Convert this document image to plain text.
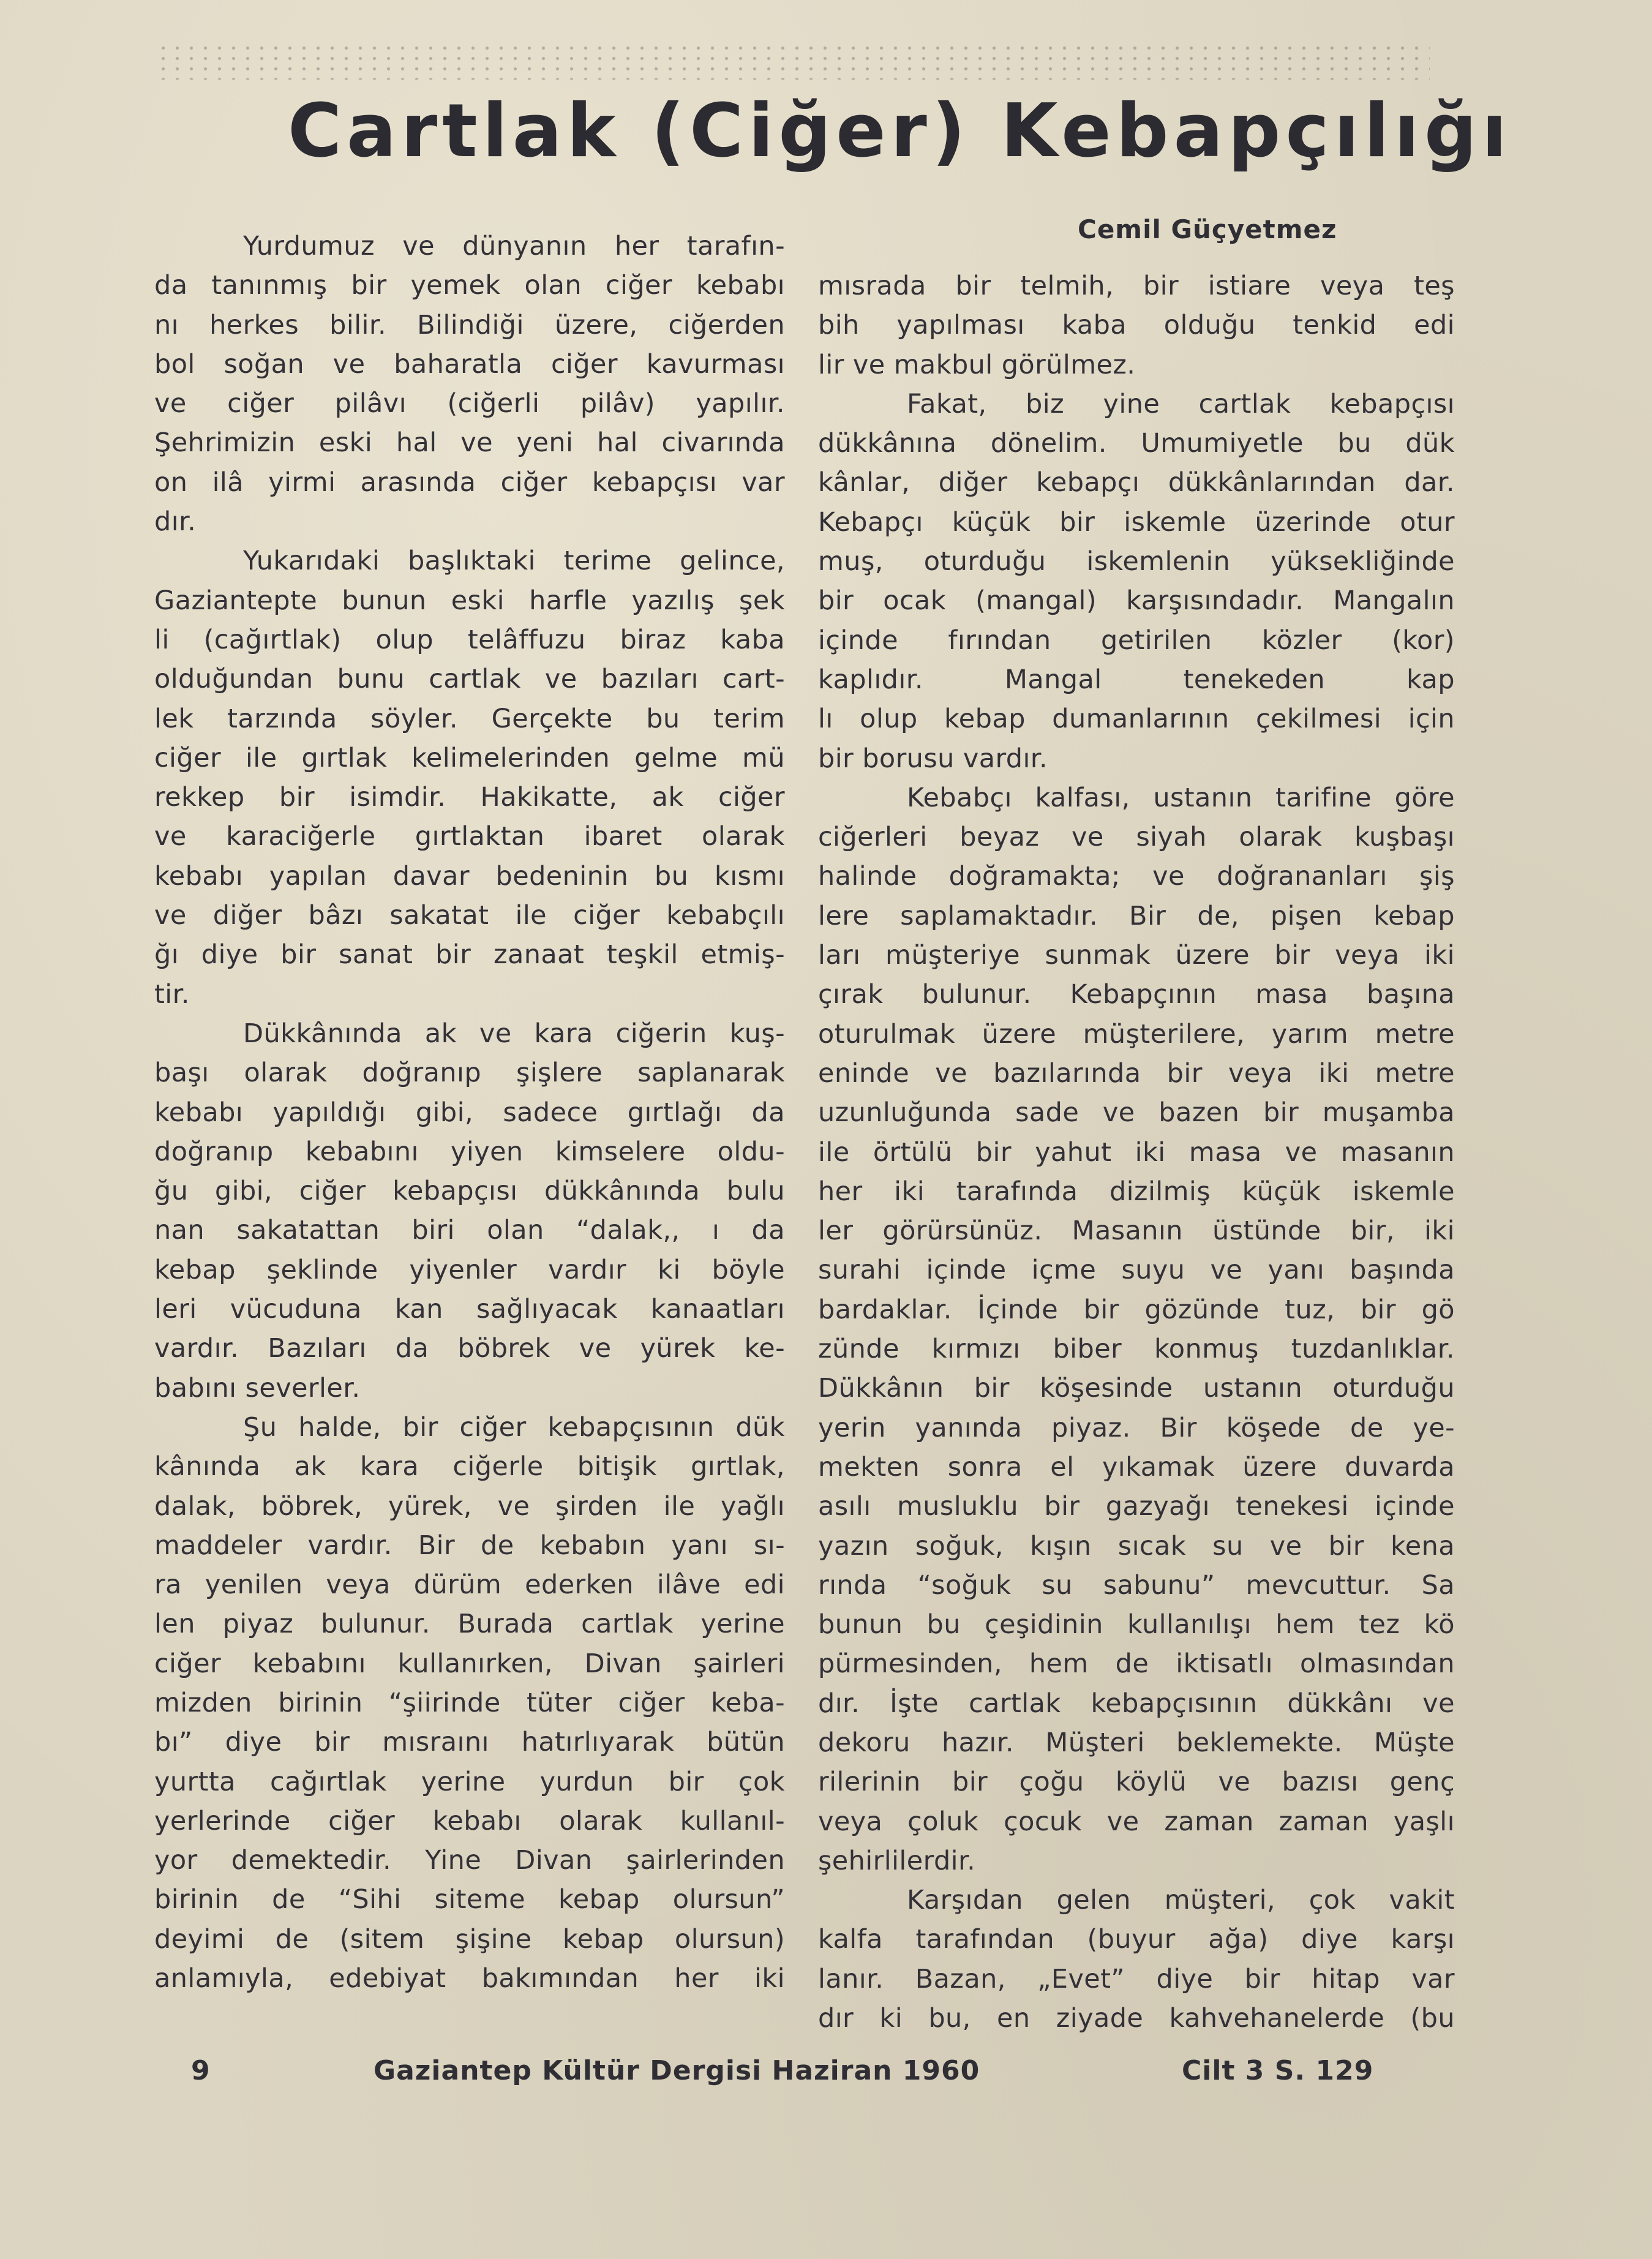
Cartlak (Ciğer) Kebapçılığı
Cemil Güçyetmez
Yurdumuz ve dünyanın her tarafın-
da tanınmış bir yemek olan ciğer kebabı
nı herkes bilir. Bilindiği üzere, ciğerden
bol soğan ve baharatla ciğer kavurması
ve ciğer pilâvı (ciğerli pilâv) yapılır.
Şehrimizin eski hal ve yeni hal civarında
on ilâ yirmi arasında ciğer kebapçısı var
dır.
Yukarıdaki başlıktaki terime gelince,
Gaziantepte bunun eski harfle yazılış şek
li (cağırtlak) olup telâffuzu biraz kaba
olduğundan bunu cartlak ve bazıları cart-
lek tarzında söyler. Gerçekte bu terim
ciğer ile gırtlak kelimelerinden gelme mü
rekkep bir isimdir. Hakikatte, ak ciğer
ve karaciğerle gırtlaktan ibaret olarak
kebabı yapılan davar bedeninin bu kısmı
ve diğer bâzı sakatat ile ciğer kebabçılı
ğı diye bir sanat bir zanaat teşkil etmiş-
tir.
Dükkânında ak ve kara ciğerin kuş-
başı olarak doğranıp şişlere saplanarak
kebabı yapıldığı gibi, sadece gırtlağı da
doğranıp kebabını yiyen kimselere oldu-
ğu gibi, ciğer kebapçısı dükkânında bulu
nan sakatattan biri olan “dalak,, ı da
kebap şeklinde yiyenler vardır ki böyle
leri vücuduna kan sağlıyacak kanaatları
vardır. Bazıları da böbrek ve yürek ke-
babını severler.
Şu halde, bir ciğer kebapçısının dük
kânında ak kara ciğerle bitişik gırtlak,
dalak, böbrek, yürek, ve şirden ile yağlı
maddeler vardır. Bir de kebabın yanı sı-
ra yenilen veya dürüm ederken ilâve edi
len piyaz bulunur. Burada cartlak yerine
ciğer kebabını kullanırken, Divan şairleri
mizden birinin “şiirinde tüter ciğer keba-
bı” diye bir mısraını hatırlıyarak bütün
yurtta cağırtlak yerine yurdun bir çok
yerlerinde ciğer kebabı olarak kullanıl-
yor demektedir. Yine Divan şairlerinden
birinin de “Sihi siteme kebap olursun”
deyimi de (sitem şişine kebap olursun)
anlamıyla, edebiyat bakımından her iki
mısrada bir telmih, bir istiare veya teş
bih yapılması kaba olduğu tenkid edi
lir ve makbul görülmez.
Fakat, biz yine cartlak kebapçısı
dükkânına dönelim. Umumiyetle bu dük
kânlar, diğer kebapçı dükkânlarından dar.
Kebapçı küçük bir iskemle üzerinde otur
muş, oturduğu iskemlenin yüksekliğinde
bir ocak (mangal) karşısındadır. Mangalın
içinde fırından getirilen közler (kor)
kaplıdır. Mangal tenekeden kap
lı olup kebap dumanlarının çekilmesi için
bir borusu vardır.
Kebabçı kalfası, ustanın tarifine göre
ciğerleri beyaz ve siyah olarak kuşbaşı
halinde doğramakta; ve doğrananları şiş
lere saplamaktadır. Bir de, pişen kebap
ları müşteriye sunmak üzere bir veya iki
çırak bulunur. Kebapçının masa başına
oturulmak üzere müşterilere, yarım metre
eninde ve bazılarında bir veya iki metre
uzunluğunda sade ve bazen bir muşamba
ile örtülü bir yahut iki masa ve masanın
her iki tarafında dizilmiş küçük iskemle
ler görürsünüz. Masanın üstünde bir, iki
surahi içinde içme suyu ve yanı başında
bardaklar. İçinde bir gözünde tuz, bir gö
zünde kırmızı biber konmuş tuzdanlıklar.
Dükkânın bir köşesinde ustanın oturduğu
yerin yanında piyaz. Bir köşede de ye-
mekten sonra el yıkamak üzere duvarda
asılı musluklu bir gazyağı tenekesi içinde
yazın soğuk, kışın sıcak su ve bir kena
rında “soğuk su sabunu” mevcuttur. Sa
bunun bu çeşidinin kullanılışı hem tez kö
pürmesinden, hem de iktisatlı olmasından
dır. İşte cartlak kebapçısının dükkânı ve
dekoru hazır. Müşteri beklemekte. Müşte
rilerinin bir çoğu köylü ve bazısı genç
veya çoluk çocuk ve zaman zaman yaşlı
şehirlilerdir.
Karşıdan gelen müşteri, çok vakit
kalfa tarafından (buyur ağa) diye karşı
lanır. Bazan, „Evet” diye bir hitap var
dır ki bu, en ziyade kahvehanelerde (bu
9	Gaziantep Kültür Dergisi Haziran 1960	Cilt 3 S. 129
